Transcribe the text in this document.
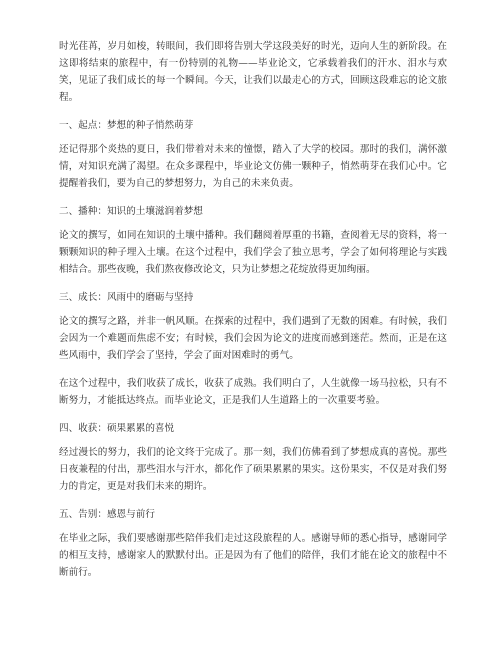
时光荏苒，岁月如梭，转眼间，我们即将告别大学这段美好的时光，迈向人生的新阶段。在这即将结束的旅程中，有一份特别的礼物——毕业论文，它承载着我们的汗水、泪水与欢笑，见证了我们成长的每一个瞬间。今天，让我们以最走心的方式，回顾这段难忘的论文旅程。

一、起点：梦想的种子悄然萌芽

还记得那个炎热的夏日，我们带着对未来的憧憬，踏入了大学的校园。那时的我们，满怀激情，对知识充满了渴望。在众多课程中，毕业论文仿佛一颗种子，悄然萌芽在我们心中。它提醒着我们，要为自己的梦想努力，为自己的未来负责。

二、播种：知识的土壤滋润着梦想

论文的撰写，如同在知识的土壤中播种。我们翻阅着厚重的书籍，查阅着无尽的资料，将一颗颗知识的种子埋入土壤。在这个过程中，我们学会了独立思考，学会了如何将理论与实践相结合。那些夜晚，我们熬夜修改论文，只为让梦想之花绽放得更加绚丽。

三、成长：风雨中的磨砺与坚持

论文的撰写之路，并非一帆风顺。在探索的过程中，我们遇到了无数的困难。有时候，我们会因为一个难题而焦虑不安；有时候，我们会因为论文的进度而感到迷茫。然而，正是在这些风雨中，我们学会了坚持，学会了面对困难时的勇气。

在这个过程中，我们收获了成长，收获了成熟。我们明白了，人生就像一场马拉松，只有不断努力，才能抵达终点。而毕业论文，正是我们人生道路上的一次重要考验。

四、收获：硕果累累的喜悦

经过漫长的努力，我们的论文终于完成了。那一刻，我们仿佛看到了梦想成真的喜悦。那些日夜兼程的付出，那些泪水与汗水，都化作了硕果累累的果实。这份果实，不仅是对我们努力的肯定，更是对我们未来的期许。

五、告别：感恩与前行

在毕业之际，我们要感谢那些陪伴我们走过这段旅程的人。感谢导师的悉心指导，感谢同学的相互支持，感谢家人的默默付出。正是因为有了他们的陪伴，我们才能在论文的旅程中不断前行。
